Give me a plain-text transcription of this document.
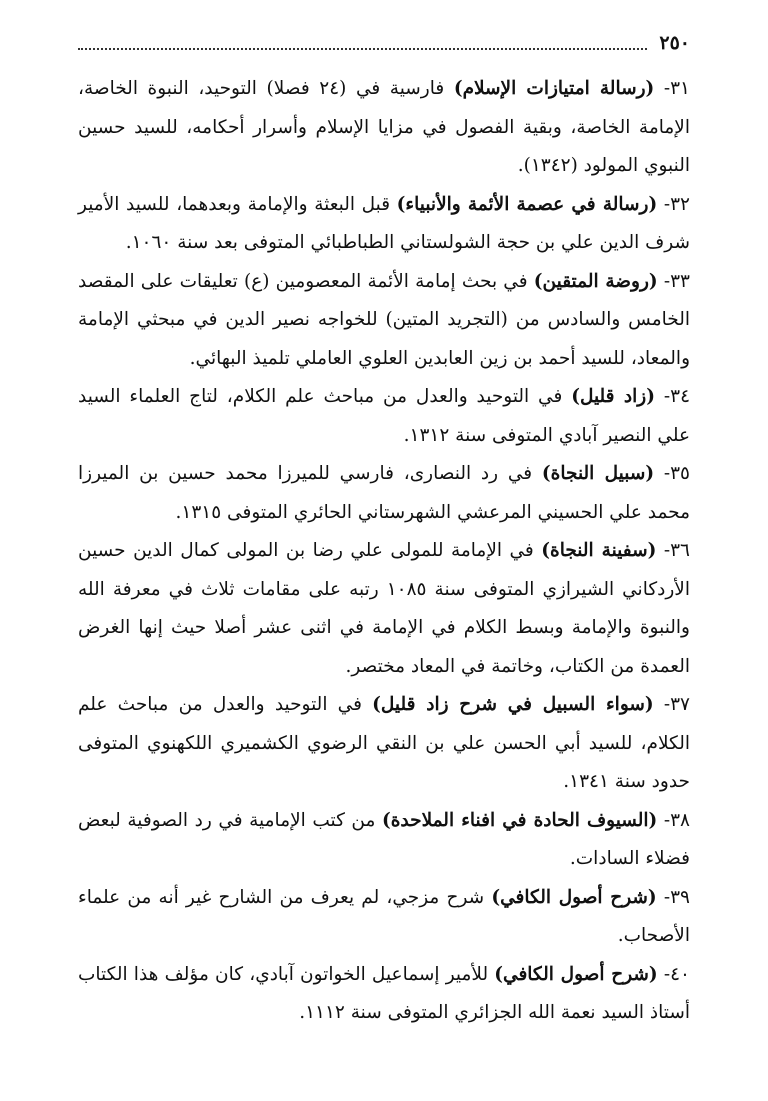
٢٥٠

٣١- (رسالة امتيازات الإسلام) فارسية في (٢٤ فصلا) التوحيد، النبوة الخاصة، الإمامة الخاصة، وبقية الفصول في مزايا الإسلام وأسرار أحكامه، للسيد حسين النبوي المولود (١٣٤٢).

٣٢- (رسالة في عصمة الأئمة والأنبياء) قبل البعثة والإمامة وبعدهما، للسيد الأمير شرف الدين علي بن حجة الشولستاني الطباطبائي المتوفى بعد سنة ١٠٦٠.

٣٣- (روضة المتقين) في بحث إمامة الأئمة المعصومين (ع) تعليقات على المقصد الخامس والسادس من (التجريد المتين) للخواجه نصير الدين في مبحثي الإمامة والمعاد، للسيد أحمد بن زين العابدين العلوي العاملي تلميذ البهائي.

٣٤- (زاد قليل) في التوحيد والعدل من مباحث علم الكلام، لتاج العلماء السيد علي النصير آبادي المتوفى سنة ١٣١٢.

٣٥- (سبيل النجاة) في رد النصارى، فارسي للميرزا محمد حسين بن الميرزا محمد علي الحسيني المرعشي الشهرستاني الحائري المتوفى ١٣١٥.

٣٦- (سفينة النجاة) في الإمامة للمولى علي رضا بن المولى كمال الدين حسين الأردكاني الشيرازي المتوفى سنة ١٠٨٥ رتبه على مقامات ثلاث في معرفة الله والنبوة والإمامة وبسط الكلام في الإمامة في اثنى عشر أصلا حيث إنها الغرض العمدة من الكتاب، وخاتمة في المعاد مختصر.

٣٧- (سواء السبيل في شرح زاد قليل) في التوحيد والعدل من مباحث علم الكلام، للسيد أبي الحسن علي بن النقي الرضوي الكشميري اللكهنوي المتوفى حدود سنة ١٣٤١.

٣٨- (السيوف الحادة في افناء الملاحدة) من كتب الإمامية في رد الصوفية لبعض فضلاء السادات.

٣٩- (شرح أصول الكافي) شرح مزجي، لم يعرف من الشارح غير أنه من علماء الأصحاب.

٤٠- (شرح أصول الكافي) للأمير إسماعيل الخواتون آبادي، كان مؤلف هذا الكتاب أستاذ السيد نعمة الله الجزائري المتوفى سنة ١١١٢.
